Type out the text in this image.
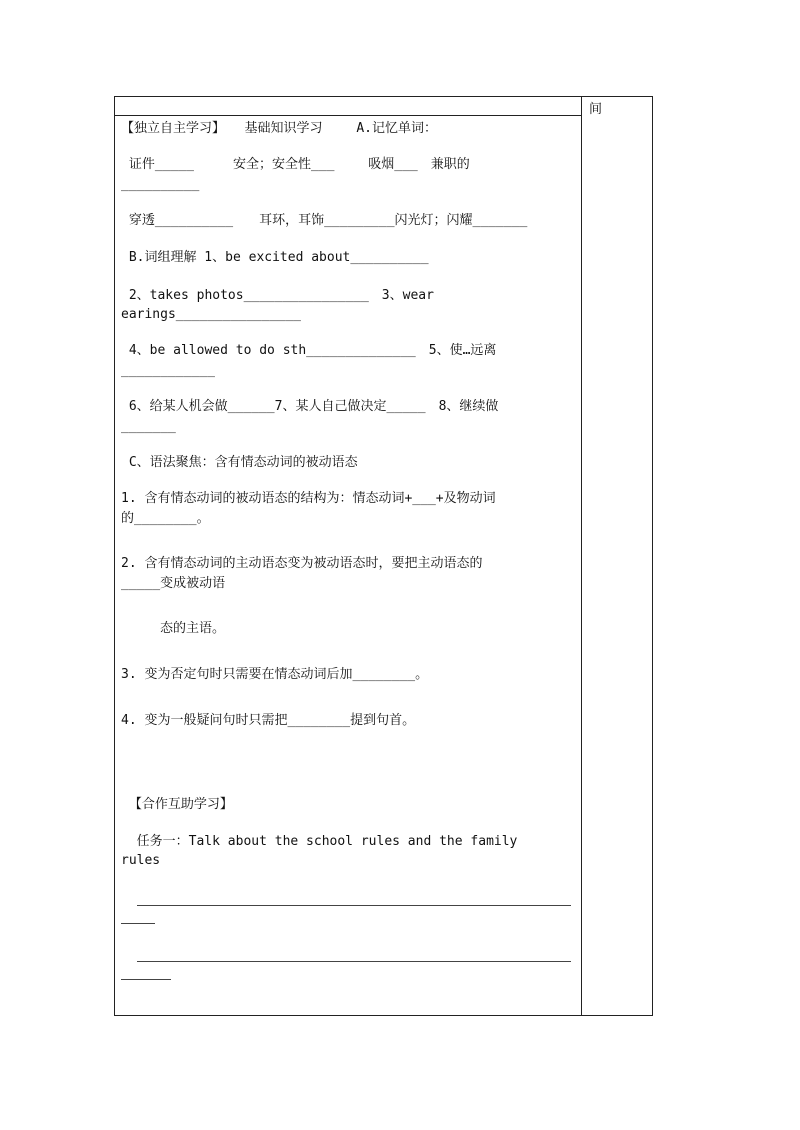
间
【独立自主学习】　　基础知识学习　　 A.记忆单词：
证件_____　　　安全；安全性___　　 吸烟___　兼职的
__________
穿透__________　　耳环，耳饰_________闪光灯；闪耀_______
B.词组理解 1、be excited about__________
2、takes photos________________　3、wear
earings________________
4、be allowed to do sth______________　5、使…远离
____________
6、给某人机会做______7、某人自己做决定_____　8、继续做
_______
C、语法聚焦：含有情态动词的被动语态
1. 含有情态动词的被动语态的结构为：情态动词+___+及物动词
的________。
2. 含有情态动词的主动语态变为被动语态时，要把主动语态的
_____变成被动语
　　　态的主语。
3. 变为否定句时只需要在情态动词后加________。
4. 变为一般疑问句时只需把________提到句首。
【合作互助学习】
任务一：Talk about the school rules and the family
rules
